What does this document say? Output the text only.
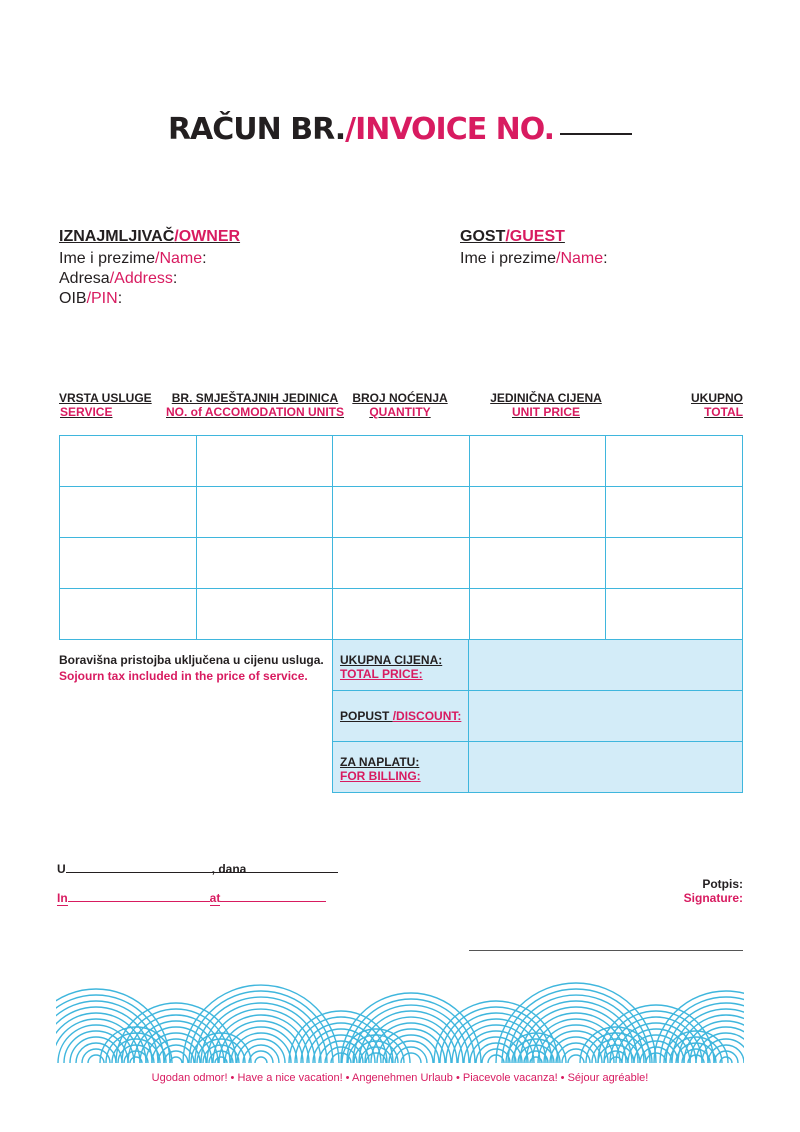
RAČUN BR./INVOICE NO.
IZNAJMLJIVAČ/OWNER
Ime i prezime/Name:
Adresa/Address:
OIB/PIN:
GOST/GUEST
Ime i prezime/Name:
VRSTA USLUGE
SERVICE
BR. SMJEŠTAJNIH JEDINICA
NO. of ACCOMODATION UNITS
BROJ NOĆENJA
QUANTITY
JEDINIČNA CIJENA
UNIT PRICE
UKUPNO
TOTAL

Boravišna pristojba uključena u cijenu usluga.
Sojourn tax included in the price of service.
UKUPNA CIJENA:
TOTAL PRICE:	

POPUST /DISCOUNT:	

ZA NAPLATU:
FOR BILLING:	

U	, dana
In	at
Potpis:
Signature:
Ugodan odmor! • Have a nice vacation! • Angenehmen Urlaub • Piacevole vacanza! • Séjour agréable!
